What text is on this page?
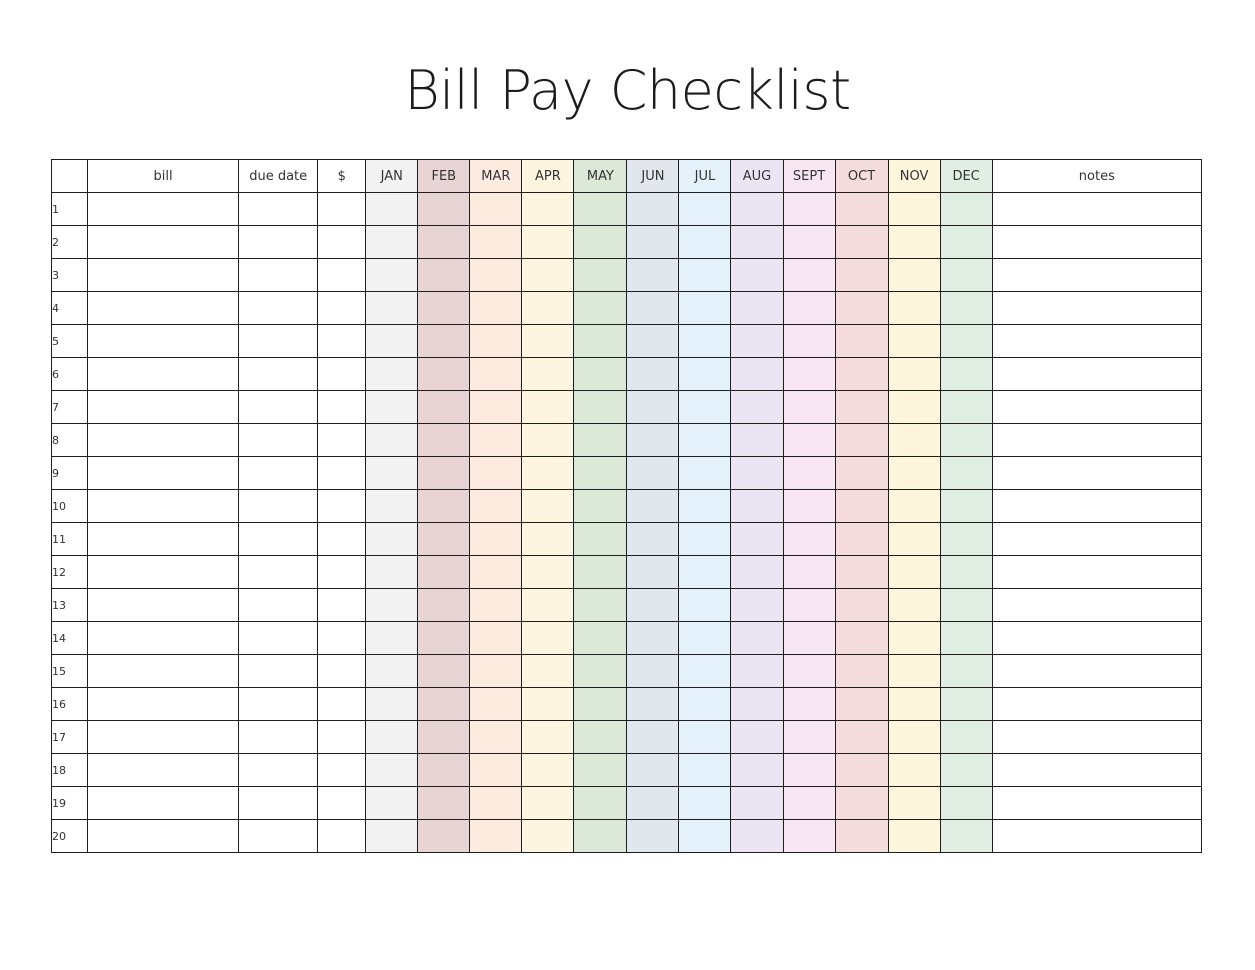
Bill Pay Checklist
	bill	due date	$	JAN	FEB	MAR	APR	MAY	JUN	JUL	AUG	SEPT	OCT	NOV	DEC	notes
1																
2																
3																
4																
5																
6																
7																
8																
9																
10																
11																
12																
13																
14																
15																
16																
17																
18																
19																
20																
